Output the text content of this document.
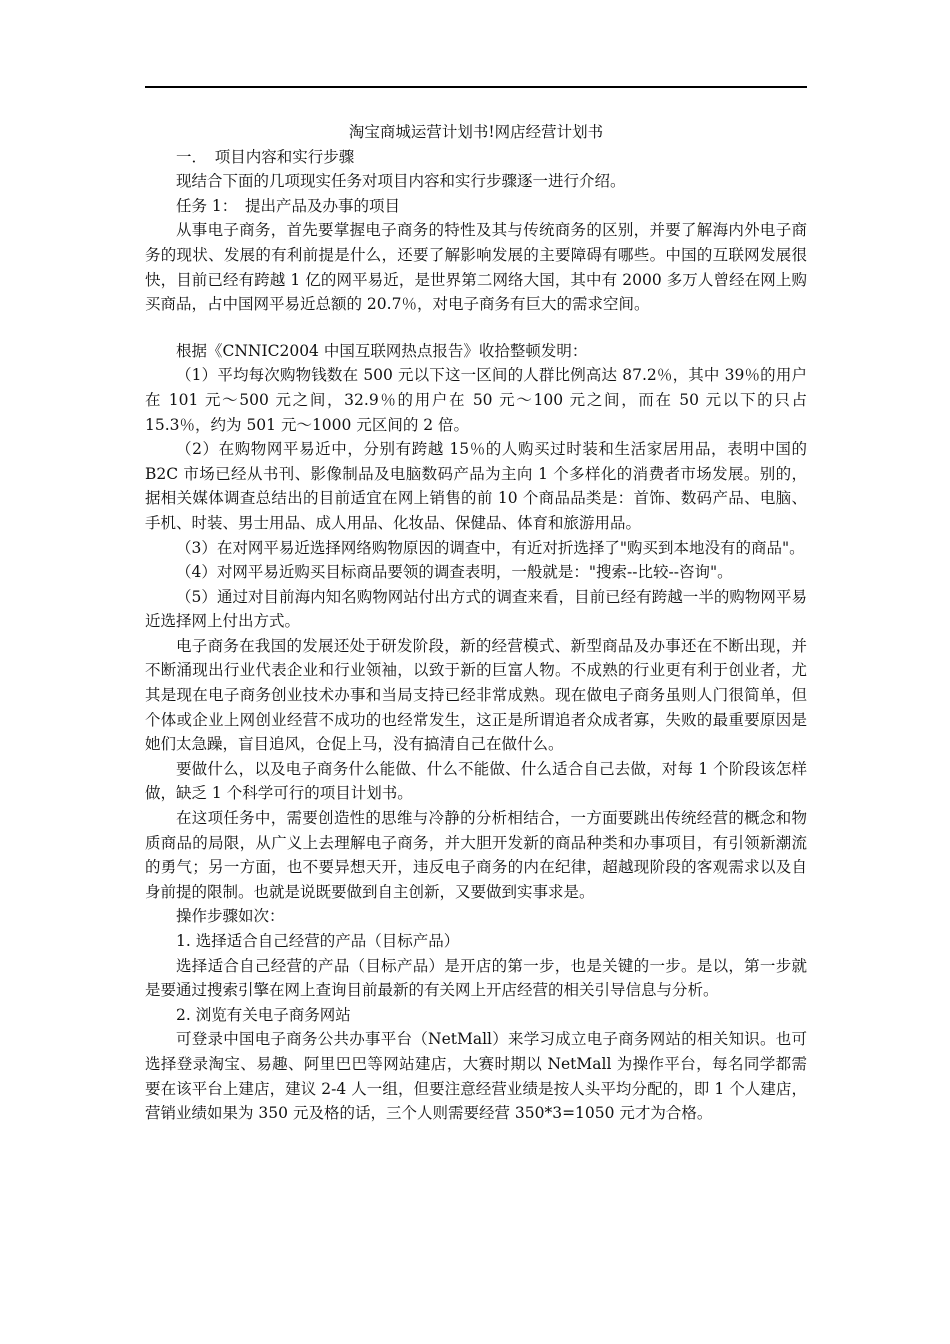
淘宝商城运营计划书!网店经营计划书

一．　项目内容和实行步骤

现结合下面的几项现实任务对项目内容和实行步骤逐一进行介绍。

任务 1：　提出产品及办事的项目

从事电子商务，首先要掌握电子商务的特性及其与传统商务的区别，并要了解海内外电子商务的现状、发展的有利前提是什么，还要了解影响发展的主要障碍有哪些。中国的互联网发展很快，目前已经有跨越 1 亿的网平易近，是世界第二网络大国，其中有 2000 多万人曾经在网上购买商品，占中国网平易近总额的 20.7％，对电子商务有巨大的需求空间。

根据《CNNIC2004 中国互联网热点报告》收拾整顿发明：

（1）平均每次购物钱数在 500 元以下这一区间的人群比例高达 87.2％，其中 39％的用户在 101 元～500 元之间，32.9％的用户在 50 元～100 元之间，而在 50 元以下的只占 15.3％，约为 501 元～1000 元区间的 2 倍。

（2）在购物网平易近中，分别有跨越 15％的人购买过时装和生活家居用品，表明中国的 B2C 市场已经从书刊、影像制品及电脑数码产品为主向 1 个多样化的消费者市场发展。别的，据相关媒体调查总结出的目前适宜在网上销售的前 10 个商品品类是：首饰、数码产品、电脑、手机、时装、男士用品、成人用品、化妆品、保健品、体育和旅游用品。

（3）在对网平易近选择网络购物原因的调查中，有近对折选择了"购买到本地没有的商品"。

（4）对网平易近购买目标商品要领的调查表明，一般就是："搜索--比较--咨询"。

（5）通过对目前海内知名购物网站付出方式的调查来看，目前已经有跨越一半的购物网平易近选择网上付出方式。

电子商务在我国的发展还处于研发阶段，新的经营模式、新型商品及办事还在不断出现，并不断涌现出行业代表企业和行业领袖，以致于新的巨富人物。不成熟的行业更有利于创业者，尤其是现在电子商务创业技术办事和当局支持已经非常成熟。现在做电子商务虽则人门很简单，但个体或企业上网创业经营不成功的也经常发生，这正是所谓追者众成者寡，失败的最重要原因是她们太急躁，盲目追风，仓促上马，没有搞清自己在做什么。

要做什么，以及电子商务什么能做、什么不能做、什么适合自己去做，对每 1 个阶段该怎样做，缺乏 1 个科学可行的项目计划书。

在这项任务中，需要创造性的思维与冷静的分析相结合，一方面要跳出传统经营的概念和物质商品的局限，从广义上去理解电子商务，并大胆开发新的商品种类和办事项目，有引领新潮流的勇气；另一方面，也不要异想天开，违反电子商务的内在纪律，超越现阶段的客观需求以及自身前提的限制。也就是说既要做到自主创新，又要做到实事求是。

操作步骤如次：

1. 选择适合自己经营的产品（目标产品）

选择适合自己经营的产品（目标产品）是开店的第一步，也是关键的一步。是以，第一步就是要通过搜索引擎在网上查询目前最新的有关网上开店经营的相关引导信息与分析。

2. 浏览有关电子商务网站

可登录中国电子商务公共办事平台（NetMall）来学习成立电子商务网站的相关知识。也可选择登录淘宝、易趣、阿里巴巴等网站建店，大赛时期以 NetMall 为操作平台，每名同学都需要在该平台上建店，建议 2-4 人一组，但要注意经营业绩是按人头平均分配的，即 1 个人建店，营销业绩如果为 350 元及格的话，三个人则需要经营 350*3=1050 元才为合格。
